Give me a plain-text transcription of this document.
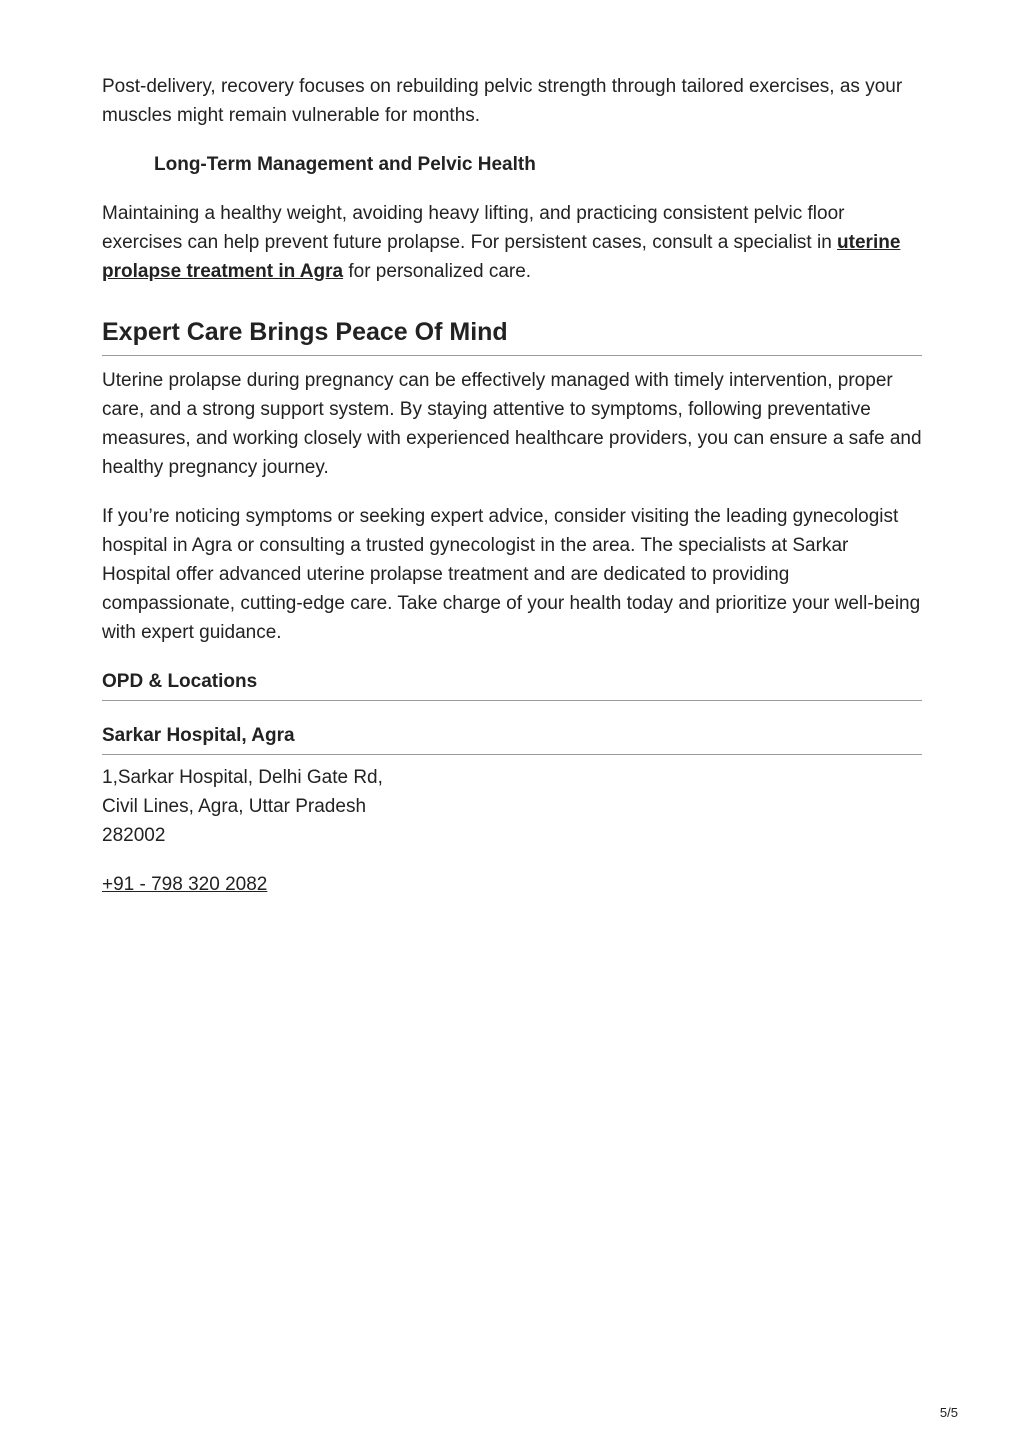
Post-delivery, recovery focuses on rebuilding pelvic strength through tailored exercises, as your muscles might remain vulnerable for months.

Long-Term Management and Pelvic Health

Maintaining a healthy weight, avoiding heavy lifting, and practicing consistent pelvic floor exercises can help prevent future prolapse. For persistent cases, consult a specialist in uterine prolapse treatment in Agra for personalized care.

Expert Care Brings Peace Of Mind

Uterine prolapse during pregnancy can be effectively managed with timely intervention, proper care, and a strong support system. By staying attentive to symptoms, following preventative measures, and working closely with experienced healthcare providers, you can ensure a safe and healthy pregnancy journey.

If you’re noticing symptoms or seeking expert advice, consider visiting the leading gynecologist hospital in Agra or consulting a trusted gynecologist in the area. The specialists at Sarkar Hospital offer advanced uterine prolapse treatment and are dedicated to providing compassionate, cutting-edge care. Take charge of your health today and prioritize your well-being with expert guidance.

OPD & Locations
Sarkar Hospital, Agra

1,Sarkar Hospital, Delhi Gate Rd,
Civil Lines, Agra, Uttar Pradesh
282002

+91 - 798 320 2082
5/5
